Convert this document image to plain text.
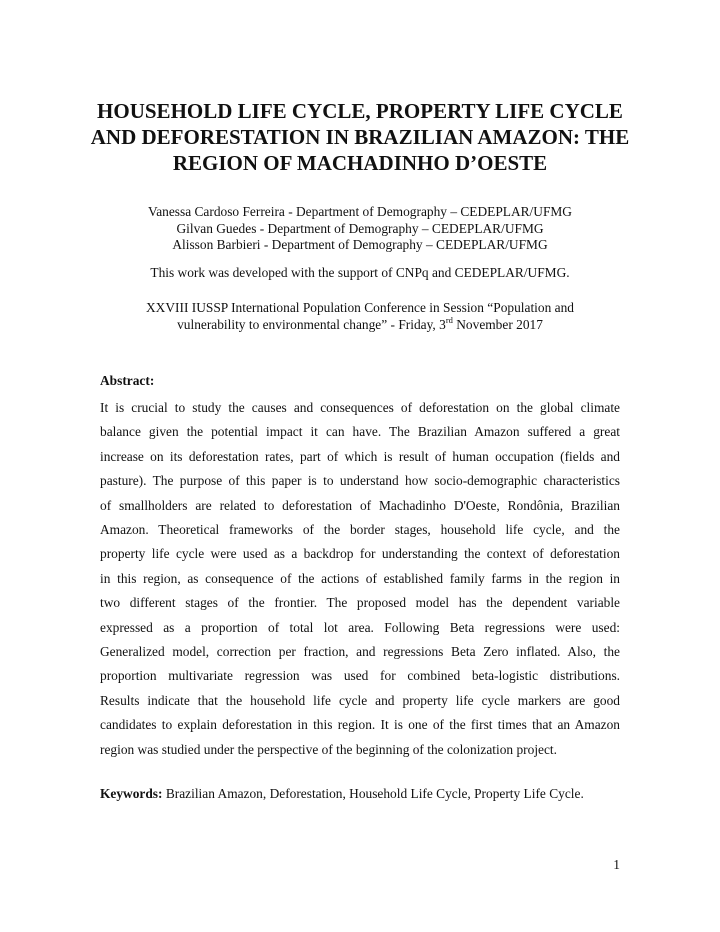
HOUSEHOLD LIFE CYCLE, PROPERTY LIFE CYCLE
AND DEFORESTATION IN BRAZILIAN AMAZON: THE
REGION OF MACHADINHO D’OESTE
Vanessa Cardoso Ferreira - Department of Demography – CEDEPLAR/UFMG
Gilvan Guedes - Department of Demography – CEDEPLAR/UFMG
Alisson Barbieri - Department of Demography – CEDEPLAR/UFMG
This work was developed with the support of CNPq and CEDEPLAR/UFMG.
XXVIII IUSSP International Population Conference in Session “Population and
vulnerability to environmental change” - Friday, 3rd November 2017
Abstract:
It is crucial to study the causes and consequences of deforestation on the global climate
balance given the potential impact it can have. The Brazilian Amazon suffered a great
increase on its deforestation rates, part of which is result of human occupation (fields and
pasture). The purpose of this paper is to understand how socio-demographic characteristics
of smallholders are related to deforestation of Machadinho D'Oeste, Rondônia, Brazilian
Amazon. Theoretical frameworks of the border stages, household life cycle, and the
property life cycle were used as a backdrop for understanding the context of deforestation
in this region, as consequence of the actions of established family farms in the region in
two different stages of the frontier. The proposed model has the dependent variable
expressed as a proportion of total lot area. Following Beta regressions were used:
Generalized model, correction per fraction, and regressions Beta Zero inflated. Also, the
proportion multivariate regression was used for combined beta-logistic distributions.
Results indicate that the household life cycle and property life cycle markers are good
candidates to explain deforestation in this region. It is one of the first times that an Amazon
region was studied under the perspective of the beginning of the colonization project.
Keywords: Brazilian Amazon, Deforestation, Household Life Cycle, Property Life Cycle.
1
